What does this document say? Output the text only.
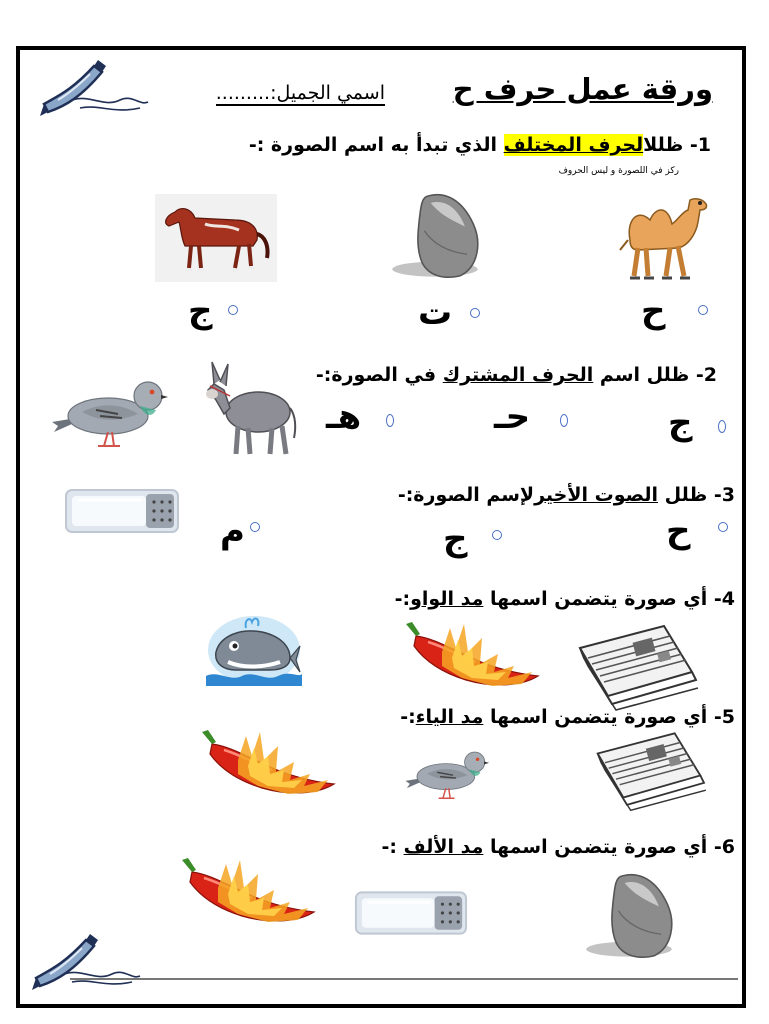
ورقة عمل حرف ح
اسمي الجميل:.........
1- ظللالحرف المختلف الذي تبدأ به اسم الصورة :-
ركز في اللصورة و ليس الحروف
ح
ت
ج
2- ظلل اسم الحرف المشترك في الصورة:-
ج
حـ
هـ
3- ظلل الصوت الأخيرلإسم الصورة:-
ح
ج
م
4- أي صورة يتضمن اسمها مد الواو:-
5- أي صورة يتضمن اسمها مد الياء:-
6- أي صورة يتضمن اسمها مد الألف :-
